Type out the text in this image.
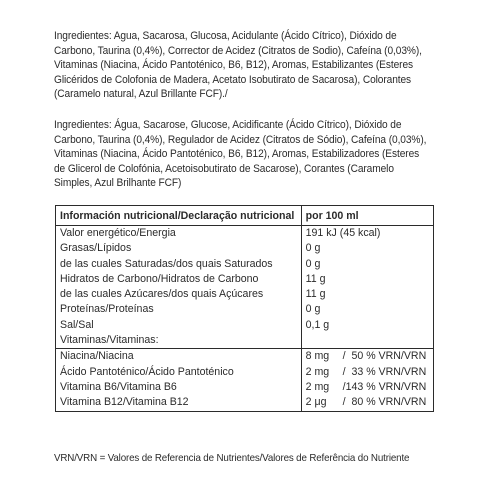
Ingredientes: Agua, Sacarosa, Glucosa, Acidulante (Ácido Cítrico), Dióxido de Carbono, Taurina (0,4%), Corrector de Acidez (Citratos de Sodio), Cafeína (0,03%), Vitaminas (Niacina, Ácido Pantoténico, B6, B12), Aromas, Estabilizantes (Esteres Glicéridos de Colofonia de Madera, Acetato Isobutirato de Sacarosa), Colorantes (Caramelo natural, Azul Brillante FCF)./
Ingredientes: Água, Sacarose, Glucose, Acidificante (Ácido Cítrico), Dióxido de Carbono, Taurina (0,4%), Regulador de Acidez (Citratos de Sódio), Cafeína (0,03%), Vitaminas (Niacina, Ácido Pantoténico, B6, B12), Aromas, Estabilizadores (Esteres de Glicerol de Colofónia, Acetoisobutirato de Sacarose), Corantes (Caramelo Simples, Azul Brilhante FCF)
Información nutricional/Declaração nutricional	por 100 ml
Valor energético/Energia	191 kJ (45 kcal)
Grasas/Lípidos	0 g
de las cuales Saturadas/dos quais Saturados	0 g
Hidratos de Carbono/Hidratos de Carbono	11 g
de las cuales Azúcares/dos quais Açúcares	11 g
Proteínas/Proteínas	0 g
Sal/Sal	0,1 g
Vitaminas/Vitaminas:	
Niacina/Niacina	8 mg /  50 % VRN/VRN
Ácido Pantoténico/Ácido Pantoténico	2 mg /  33 % VRN/VRN
Vitamina B6/Vitamina B6	2 mg /143 % VRN/VRN
Vitamina B12/Vitamina B12	2 μg /  80 % VRN/VRN
VRN/VRN = Valores de Referencia de Nutrientes/Valores de Referência do Nutriente
